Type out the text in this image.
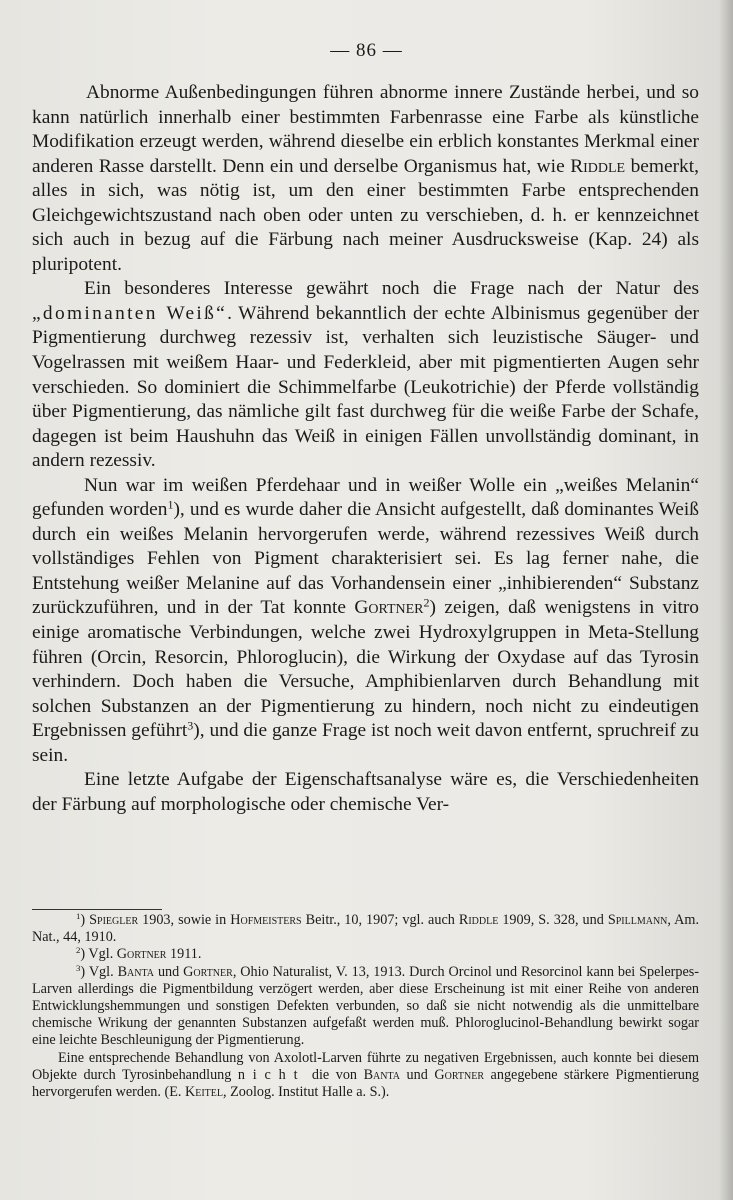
— 86 —

Abnorme Außenbedingungen führen abnorme innere Zustände herbei, und so kann natürlich innerhalb einer bestimmten Farbenrasse eine Farbe als künstliche Modifikation erzeugt werden, während dieselbe ein erblich konstantes Merkmal einer anderen Rasse darstellt. Denn ein und derselbe Organismus hat, wie Riddle bemerkt, alles in sich, was nötig ist, um den einer bestimmten Farbe entsprechenden Gleichgewichtszustand nach oben oder unten zu verschieben, d. h. er kennzeichnet sich auch in bezug auf die Färbung nach meiner Ausdrucksweise (Kap. 24) als pluripotent.

Ein besonderes Interesse gewährt noch die Frage nach der Natur des „dominanten Weiß“. Während bekanntlich der echte Albinismus gegenüber der Pigmentierung durchweg rezessiv ist, verhalten sich leuzistische Säuger- und Vogelrassen mit weißem Haar- und Federkleid, aber mit pigmentierten Augen sehr verschieden. So dominiert die Schimmelfarbe (Leukotrichie) der Pferde vollständig über Pigmentierung, das nämliche gilt fast durchweg für die weiße Farbe der Schafe, dagegen ist beim Haushuhn das Weiß in einigen Fällen unvollständig dominant, in andern rezessiv.

Nun war im weißen Pferdehaar und in weißer Wolle ein „weißes Melanin“ gefunden worden$^1$), und es wurde daher die Ansicht aufgestellt, daß dominantes Weiß durch ein weißes Melanin hervorgerufen werde, während rezessives Weiß durch vollständiges Fehlen von Pigment charakterisiert sei. Es lag ferner nahe, die Entstehung weißer Melanine auf das Vorhandensein einer „inhibierenden“ Substanz zurückzuführen, und in der Tat konnte Gortner$^2$) zeigen, daß wenigstens in vitro einige aromatische Verbindungen, welche zwei Hydroxylgruppen in Meta-Stellung führen (Orcin, Resorcin, Phloroglucin), die Wirkung der Oxydase auf das Tyrosin verhindern. Doch haben die Versuche, Amphibienlarven durch Behandlung mit solchen Substanzen an der Pigmentierung zu hindern, noch nicht zu eindeutigen Ergebnissen geführt$^3$), und die ganze Frage ist noch weit davon entfernt, spruchreif zu sein.

Eine letzte Aufgabe der Eigenschaftsanalyse wäre es, die Verschiedenheiten der Färbung auf morphologische oder chemische Ver-

$^1$) Spiegler 1903, sowie in Hofmeisters Beitr., 10, 1907; vgl. auch Riddle 1909, S. 328, und Spillmann, Am. Nat., 44, 1910.

$^2$) Vgl. Gortner 1911.

$^3$) Vgl. Banta und Gortner, Ohio Naturalist, V. 13, 1913. Durch Orcinol und Resorcinol kann bei Spelerpes-Larven allerdings die Pigmentbildung verzögert werden, aber diese Erscheinung ist mit einer Reihe von anderen Entwicklungshemmungen und sonstigen Defekten verbunden, so daß sie nicht notwendig als die unmittelbare chemische Wrikung der genannten Substanzen aufgefaßt werden muß. Phloroglucinol-Behandlung bewirkt sogar eine leichte Beschleunigung der Pigmentierung.

Eine entsprechende Behandlung von Axolotl-Larven führte zu negativen Ergebnissen, auch konnte bei diesem Objekte durch Tyrosinbehandlung nicht die von Banta und Gortner angegebene stärkere Pigmentierung hervorgerufen werden. (E. Keitel, Zoolog. Institut Halle a. S.).
